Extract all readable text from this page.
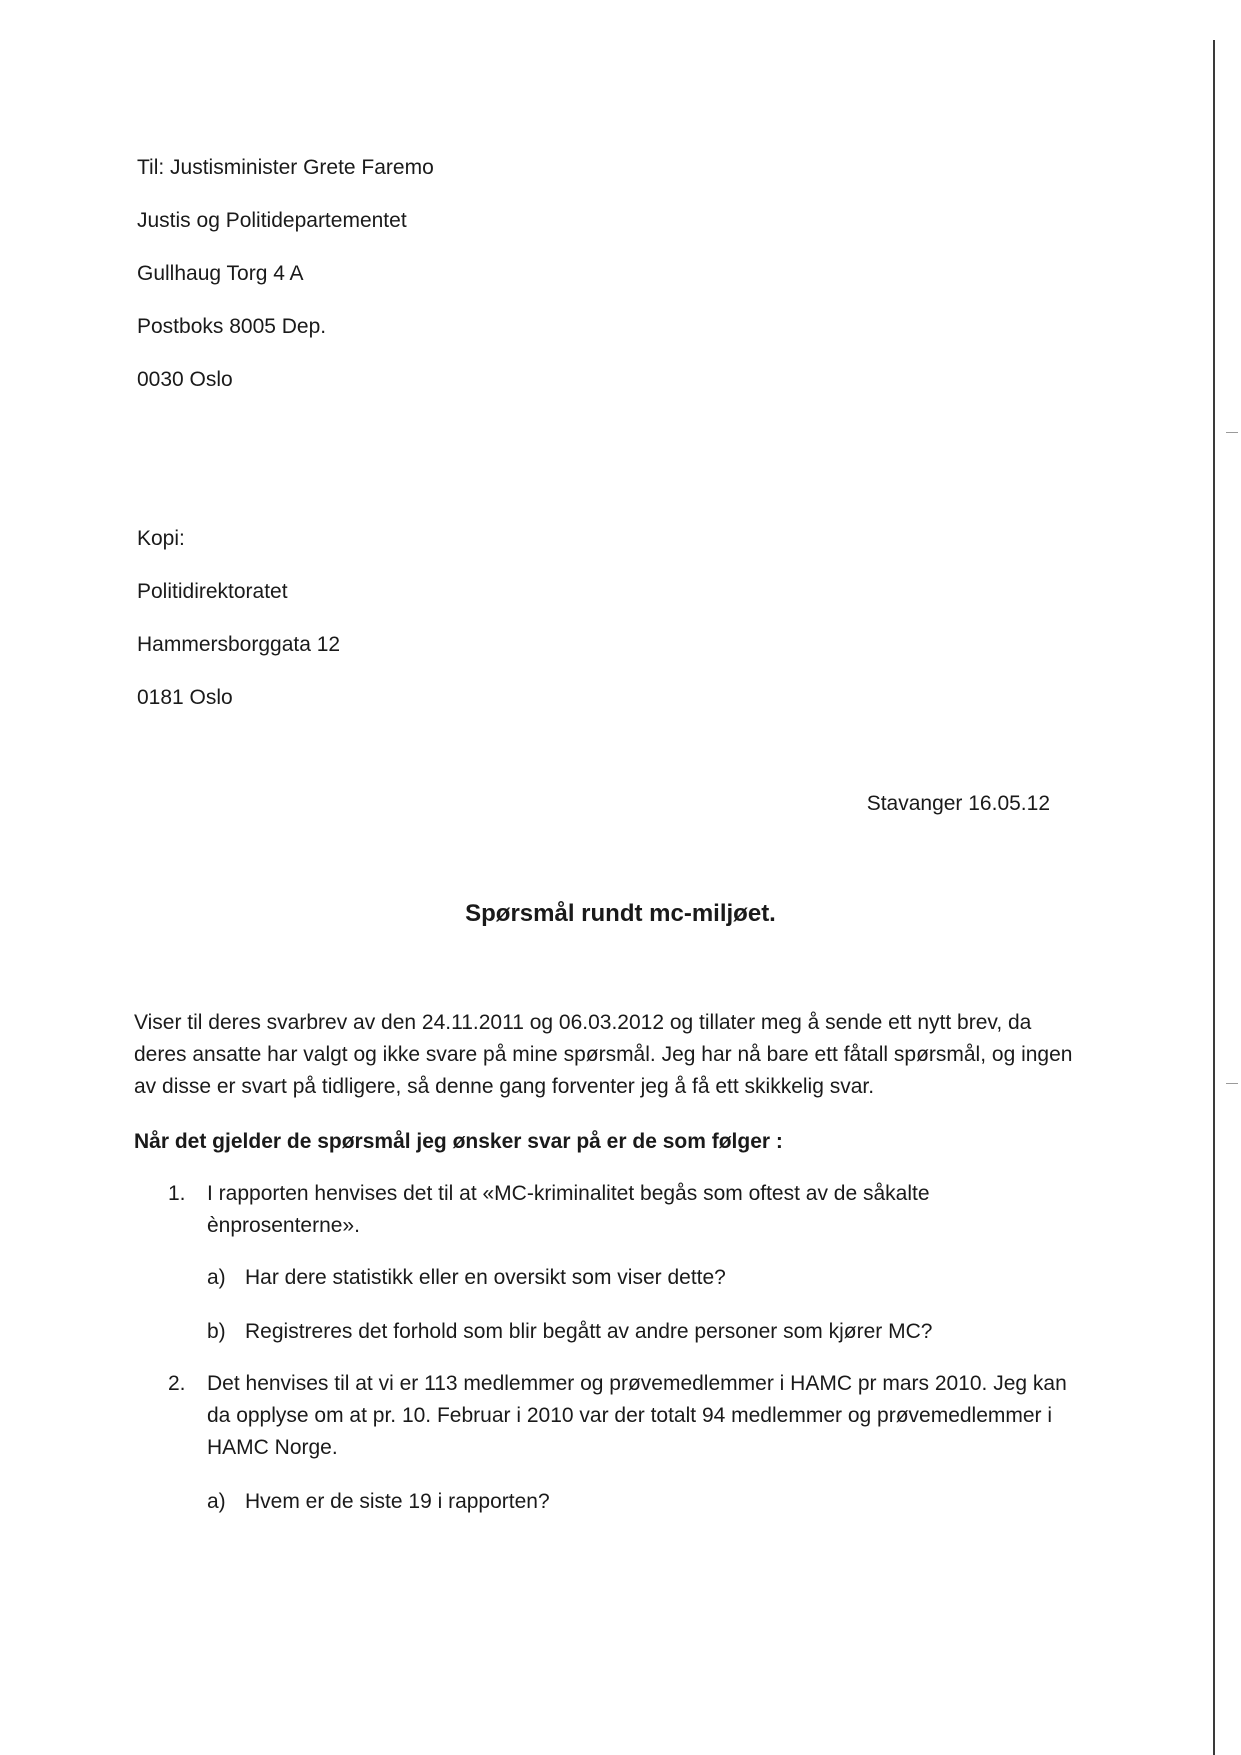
Til: Justisminister Grete Faremo

Justis og Politidepartementet

Gullhaug Torg 4 A

Postboks 8005 Dep.

0030 Oslo

Kopi:

Politidirektoratet

Hammersborggata 12

0181 Oslo

Stavanger 16.05.12

Spørsmål rundt mc-miljøet.
Viser til deres svarbrev av den 24.11.2011 og 06.03.2012 og tillater meg å sende ett nytt brev, da
deres ansatte har valgt og ikke svare på mine spørsmål. Jeg har nå bare ett fåtall spørsmål, og ingen
av disse er svart på tidligere, så denne gang forventer jeg å få ett skikkelig svar.
Når det gjelder de spørsmål jeg ønsker svar på er de som følger :
1. I rapporten henvises det til at «MC-kriminalitet begås som oftest av de såkalte
ènprosenterne».
a) Har dere statistikk eller en oversikt som viser dette?
b) Registreres det forhold som blir begått av andre personer som kjører MC?
2. Det henvises til at vi er 113 medlemmer og prøvemedlemmer i HAMC pr mars 2010. Jeg kan
da opplyse om at pr. 10. Februar i 2010 var der totalt 94 medlemmer og prøvemedlemmer i
HAMC Norge.
a) Hvem er de siste 19 i rapporten?
